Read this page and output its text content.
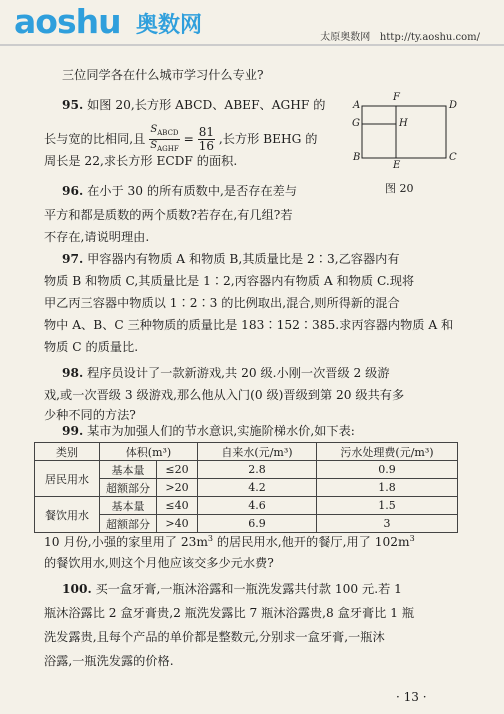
aoshu 奥数网	太原奥数网 http://ty.aoshu.com/
三位同学各在什么城市学习什么专业?
95. 如图 20,长方形 ABCD、ABEF、AGHF 的
长与宽的比相同,且 $\frac{S_{ABCD}}{S_{AGHF}} = \frac{81}{16}$ ,长方形 BEHG 的
周长是 22,求长方形 ECDF 的面积.
A
F
D
G	H
B
E
C
图 20
96. 在小于 30 的所有质数中,是否存在差与
平方和都是质数的两个质数?若存在,有几组?若
不存在,请说明理由.
97. 甲容器内有物质 A 和物质 B,其质量比是 2∶3,乙容器内有
物质 B 和物质 C,其质量比是 1∶2,丙容器内有物质 A 和物质 C.现将
甲乙丙三容器中物质以 1∶2∶3 的比例取出,混合,则所得新的混合
物中 A、B、C 三种物质的质量比是 183∶152∶385.求丙容器内物质 A 和
物质 C 的质量比.
98. 程序员设计了一款新游戏,共 20 级.小刚一次晋级 2 级游
戏,或一次晋级 3 级游戏,那么他从入门(0 级)晋级到第 20 级共有多
少种不同的方法?
99. 某市为加强人们的节水意识,实施阶梯水价,如下表:
类别	体积(m³)		自来水(元/m³)	污水处理费(元/m³)
居民用水	基本量	≤20	2.8	0.9
	超额部分	>20	4.2	1.8
餐饮用水	基本量	≤40	4.6	1.5
	超额部分	>40	6.9	3
10 月份,小强的家里用了 $23m^3$ 的居民用水,他开的餐厅,用了 $102m^3$
的餐饮用水,则这个月他应该交多少元水费?
100. 买一盒牙膏,一瓶沐浴露和一瓶洗发露共付款 100 元.若 1
瓶沐浴露比 2 盒牙膏贵,2 瓶洗发露比 7 瓶沐浴露贵,8 盒牙膏比 1 瓶
洗发露贵,且每个产品的单价都是整数元,分别求一盒牙膏,一瓶沐
浴露,一瓶洗发露的价格.
· 13 ·
